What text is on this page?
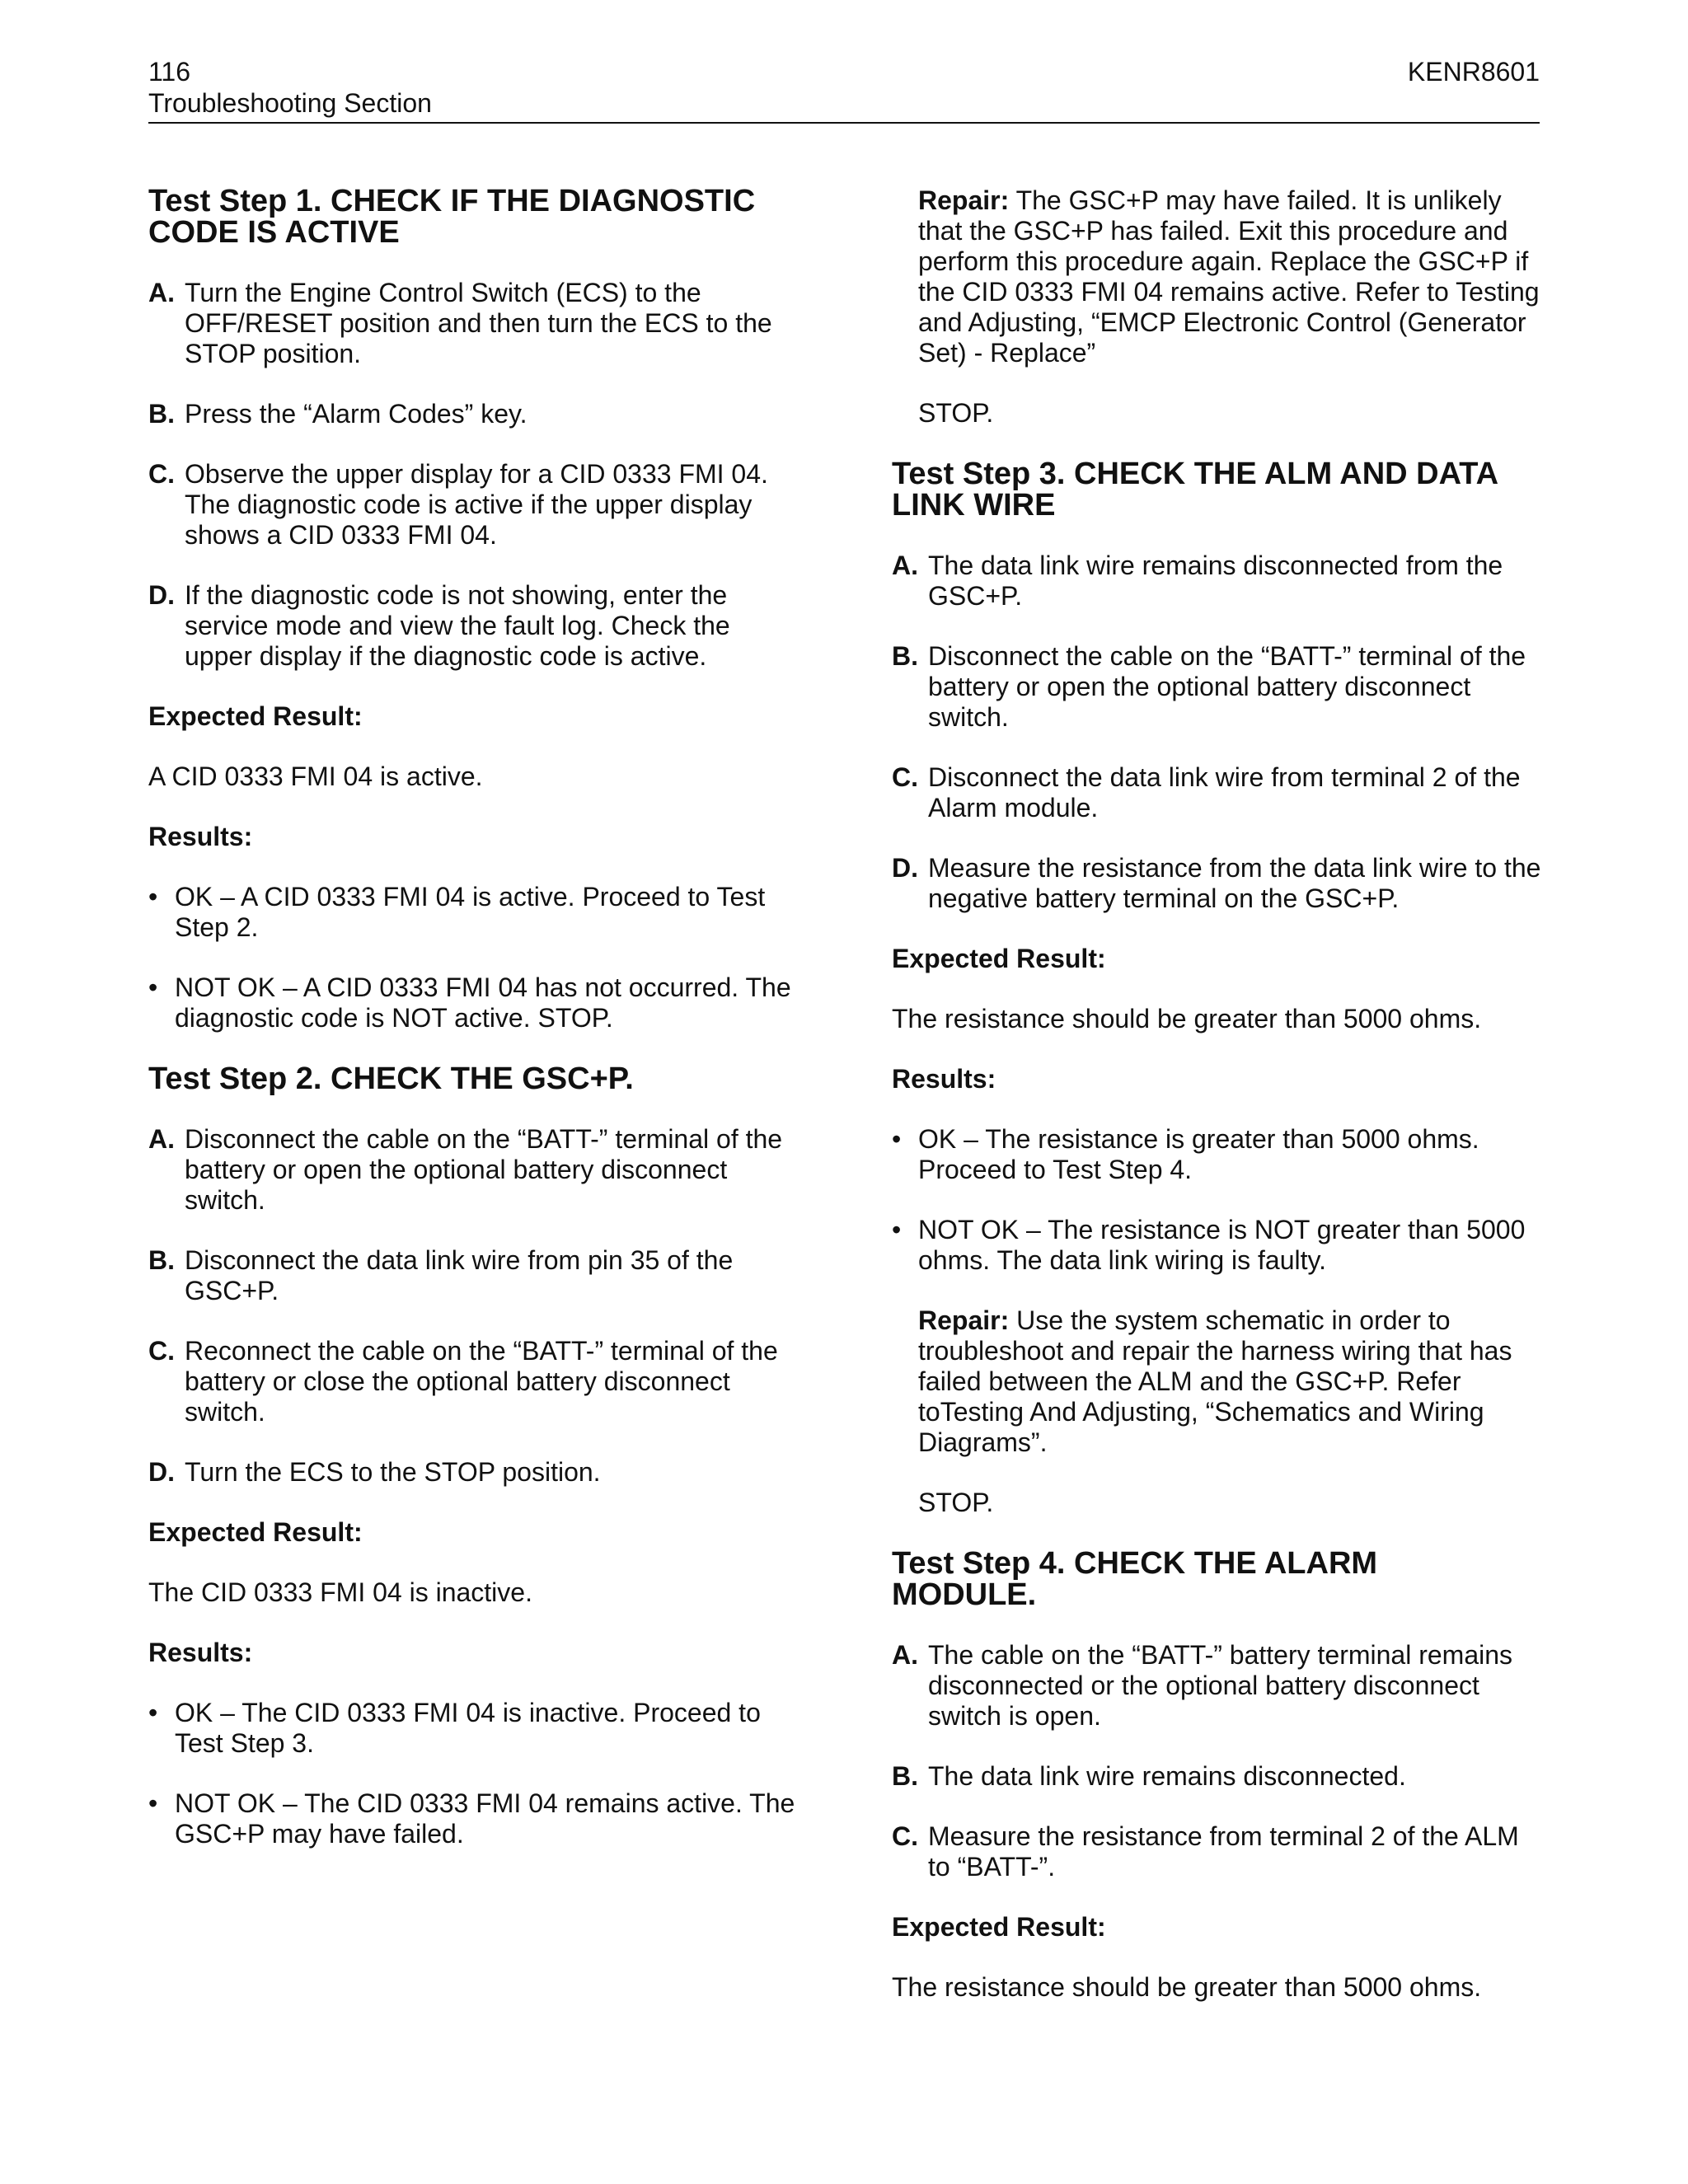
116
Troubleshooting Section
KENR8601
Test Step 1. CHECK IF THE DIAGNOSTIC
CODE IS ACTIVE
A. Turn the Engine Control Switch (ECS) to the OFF/RESET position and then turn the ECS to the STOP position.

B. Press the “Alarm Codes” key.

C. Observe the upper display for a CID 0333 FMI 04. The diagnostic code is active if the upper display shows a CID 0333 FMI 04.

D. If the diagnostic code is not showing, enter the service mode and view the fault log. Check the upper display if the diagnostic code is active.

Expected Result:

A CID 0333 FMI 04 is active.

Results:

• OK – A CID 0333 FMI 04 is active. Proceed to Test Step 2.

• NOT OK – A CID 0333 FMI 04 has not occurred. The diagnostic code is NOT active. STOP.

Test Step 2. CHECK THE GSC+P.
A. Disconnect the cable on the “BATT-” terminal of the battery or open the optional battery disconnect switch.

B. Disconnect the data link wire from pin 35 of the GSC+P.

C. Reconnect the cable on the “BATT-” terminal of the battery or close the optional battery disconnect switch.

D. Turn the ECS to the STOP position.

Expected Result:

The CID 0333 FMI 04 is inactive.

Results:

• OK – The CID 0333 FMI 04 is inactive. Proceed to Test Step 3.

• NOT OK – The CID 0333 FMI 04 remains active. The GSC+P may have failed.

Repair: The GSC+P may have failed. It is unlikely that the GSC+P has failed. Exit this procedure and perform this procedure again. Replace the GSC+P if the CID 0333 FMI 04 remains active. Refer to Testing and Adjusting, “EMCP Electronic Control (Generator Set) - Replace”

STOP.
Test Step 3. CHECK THE ALM AND DATA
LINK WIRE
A. The data link wire remains disconnected from the GSC+P.

B. Disconnect the cable on the “BATT-” terminal of the battery or open the optional battery disconnect switch.

C. Disconnect the data link wire from terminal 2 of the Alarm module.

D. Measure the resistance from the data link wire to the negative battery terminal on the GSC+P.

Expected Result:

The resistance should be greater than 5000 ohms.

Results:

• OK – The resistance is greater than 5000 ohms. Proceed to Test Step 4.

• NOT OK – The resistance is NOT greater than 5000 ohms. The data link wiring is faulty.

Repair: Use the system schematic in order to troubleshoot and repair the harness wiring that has failed between the ALM and the GSC+P. Refer toTesting And Adjusting, “Schematics and Wiring Diagrams”.

STOP.
Test Step 4. CHECK THE ALARM
MODULE.
A. The cable on the “BATT-” battery terminal remains disconnected or the optional battery disconnect switch is open.

B. The data link wire remains disconnected.

C. Measure the resistance from terminal 2 of the ALM to “BATT-”.

Expected Result:

The resistance should be greater than 5000 ohms.
